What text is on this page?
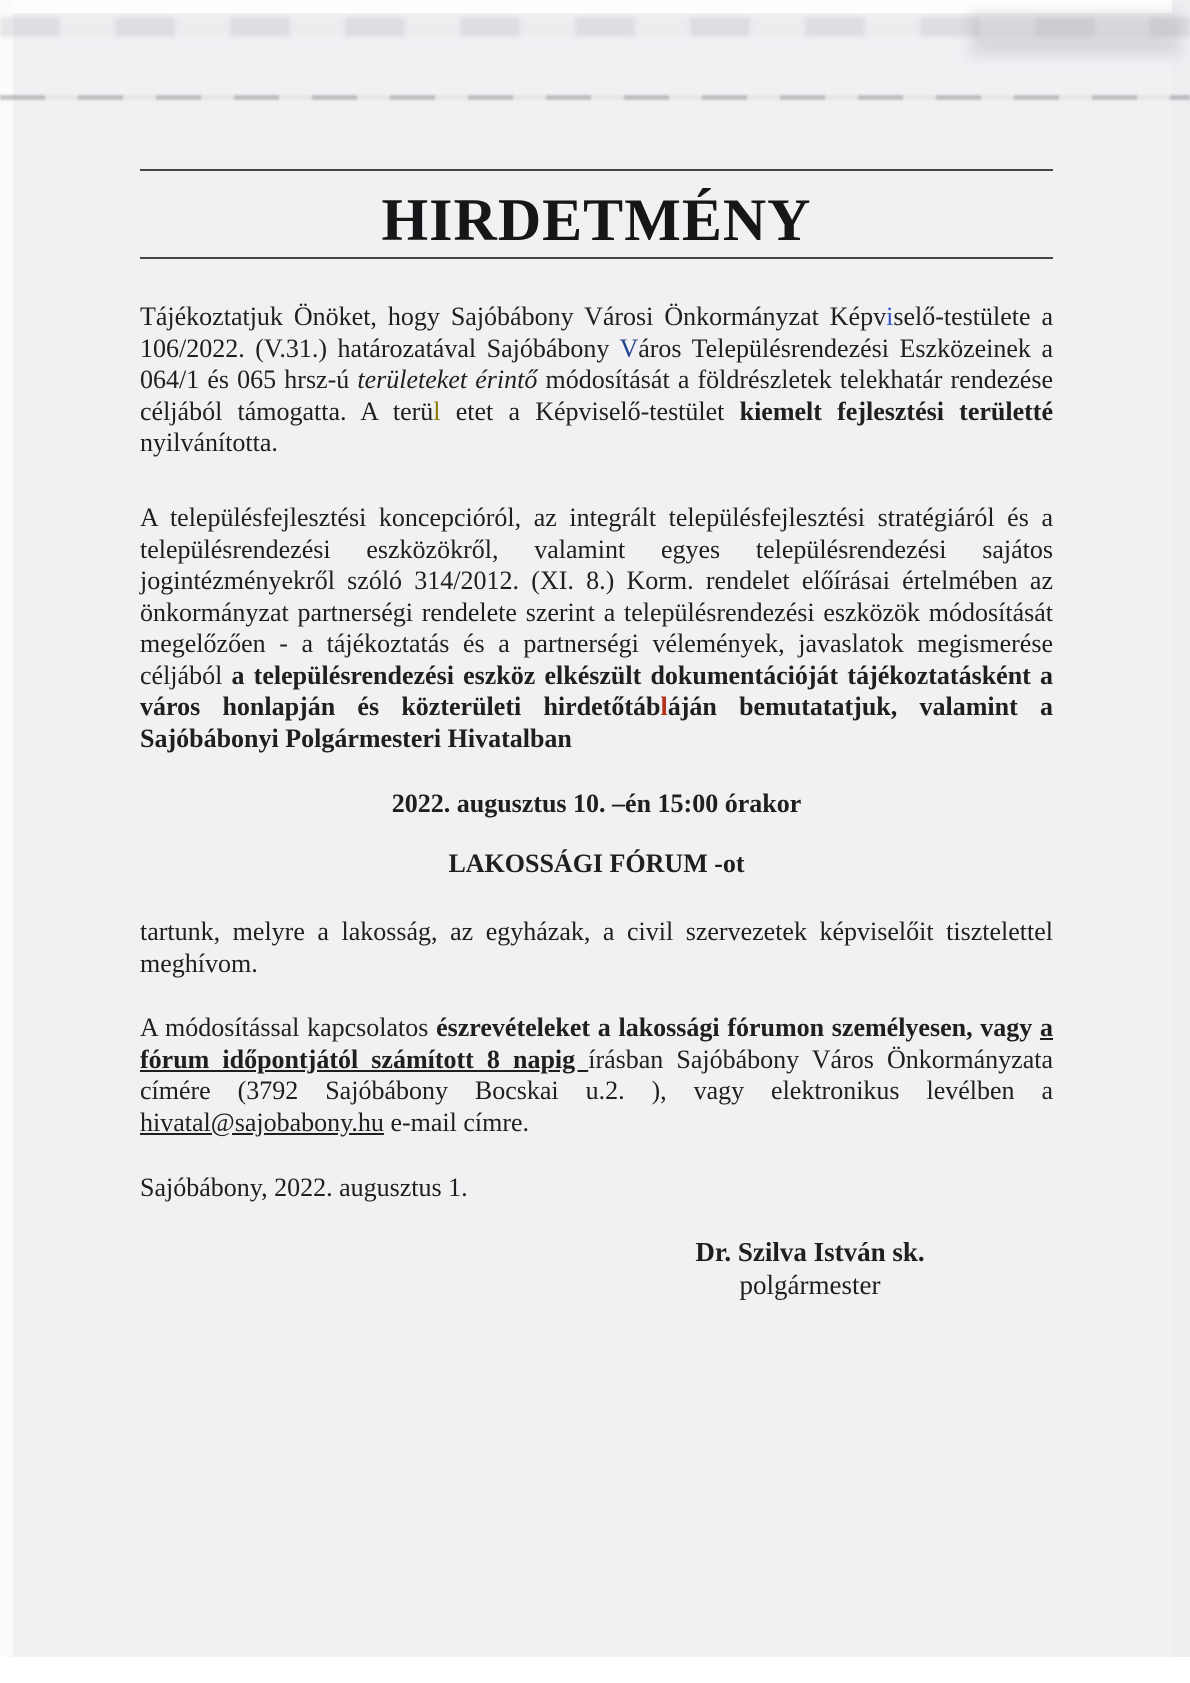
HIRDETMÉNY

Tájékoztatjuk Önöket, hogy Sajóbábony Városi Önkormányzat Képviselő-testülete a 106/2022. (V.31.) határozatával Sajóbábony Város Településrendezési Eszközeinek a 064/1 és 065 hrsz-ú területeket érintő módosítását a földrészletek telekhatár rendezése céljából támogatta. A terül etet a Képviselő-testület kiemelt fejlesztési területté nyilvánította.

A településfejlesztési koncepcióról, az integrált településfejlesztési stratégiáról és a településrendezési eszközökről, valamint egyes településrendezési sajátos jogintézményekről szóló 314/2012. (XI. 8.) Korm. rendelet előírásai értelmében az önkormányzat partnerségi rendelete szerint a településrendezési eszközök módosítását megelőzően - a tájékoztatás és a partnerségi vélemények, javaslatok megismerése céljából a településrendezési eszköz elkészült dokumentációját tájékoztatásként a város honlapján és közterületi hirdetőtábláján bemutatatjuk, valamint a Sajóbábonyi Polgármesteri Hivatalban

2022. augusztus 10. –én 15:00 órakor

LAKOSSÁGI FÓRUM -ot

tartunk, melyre a lakosság, az egyházak, a civil szervezetek képviselőit tisztelettel meghívom.

A módosítással kapcsolatos észrevételeket a lakossági fórumon személyesen, vagy a fórum időpontjától számított 8 napig írásban Sajóbábony Város Önkormányzata címére (3792 Sajóbábony Bocskai u.2. ), vagy elektronikus levélben a hivatal@sajobabony.hu e-mail címre.

Sajóbábony, 2022. augusztus 1.

Dr. Szilva István sk.

polgármester
